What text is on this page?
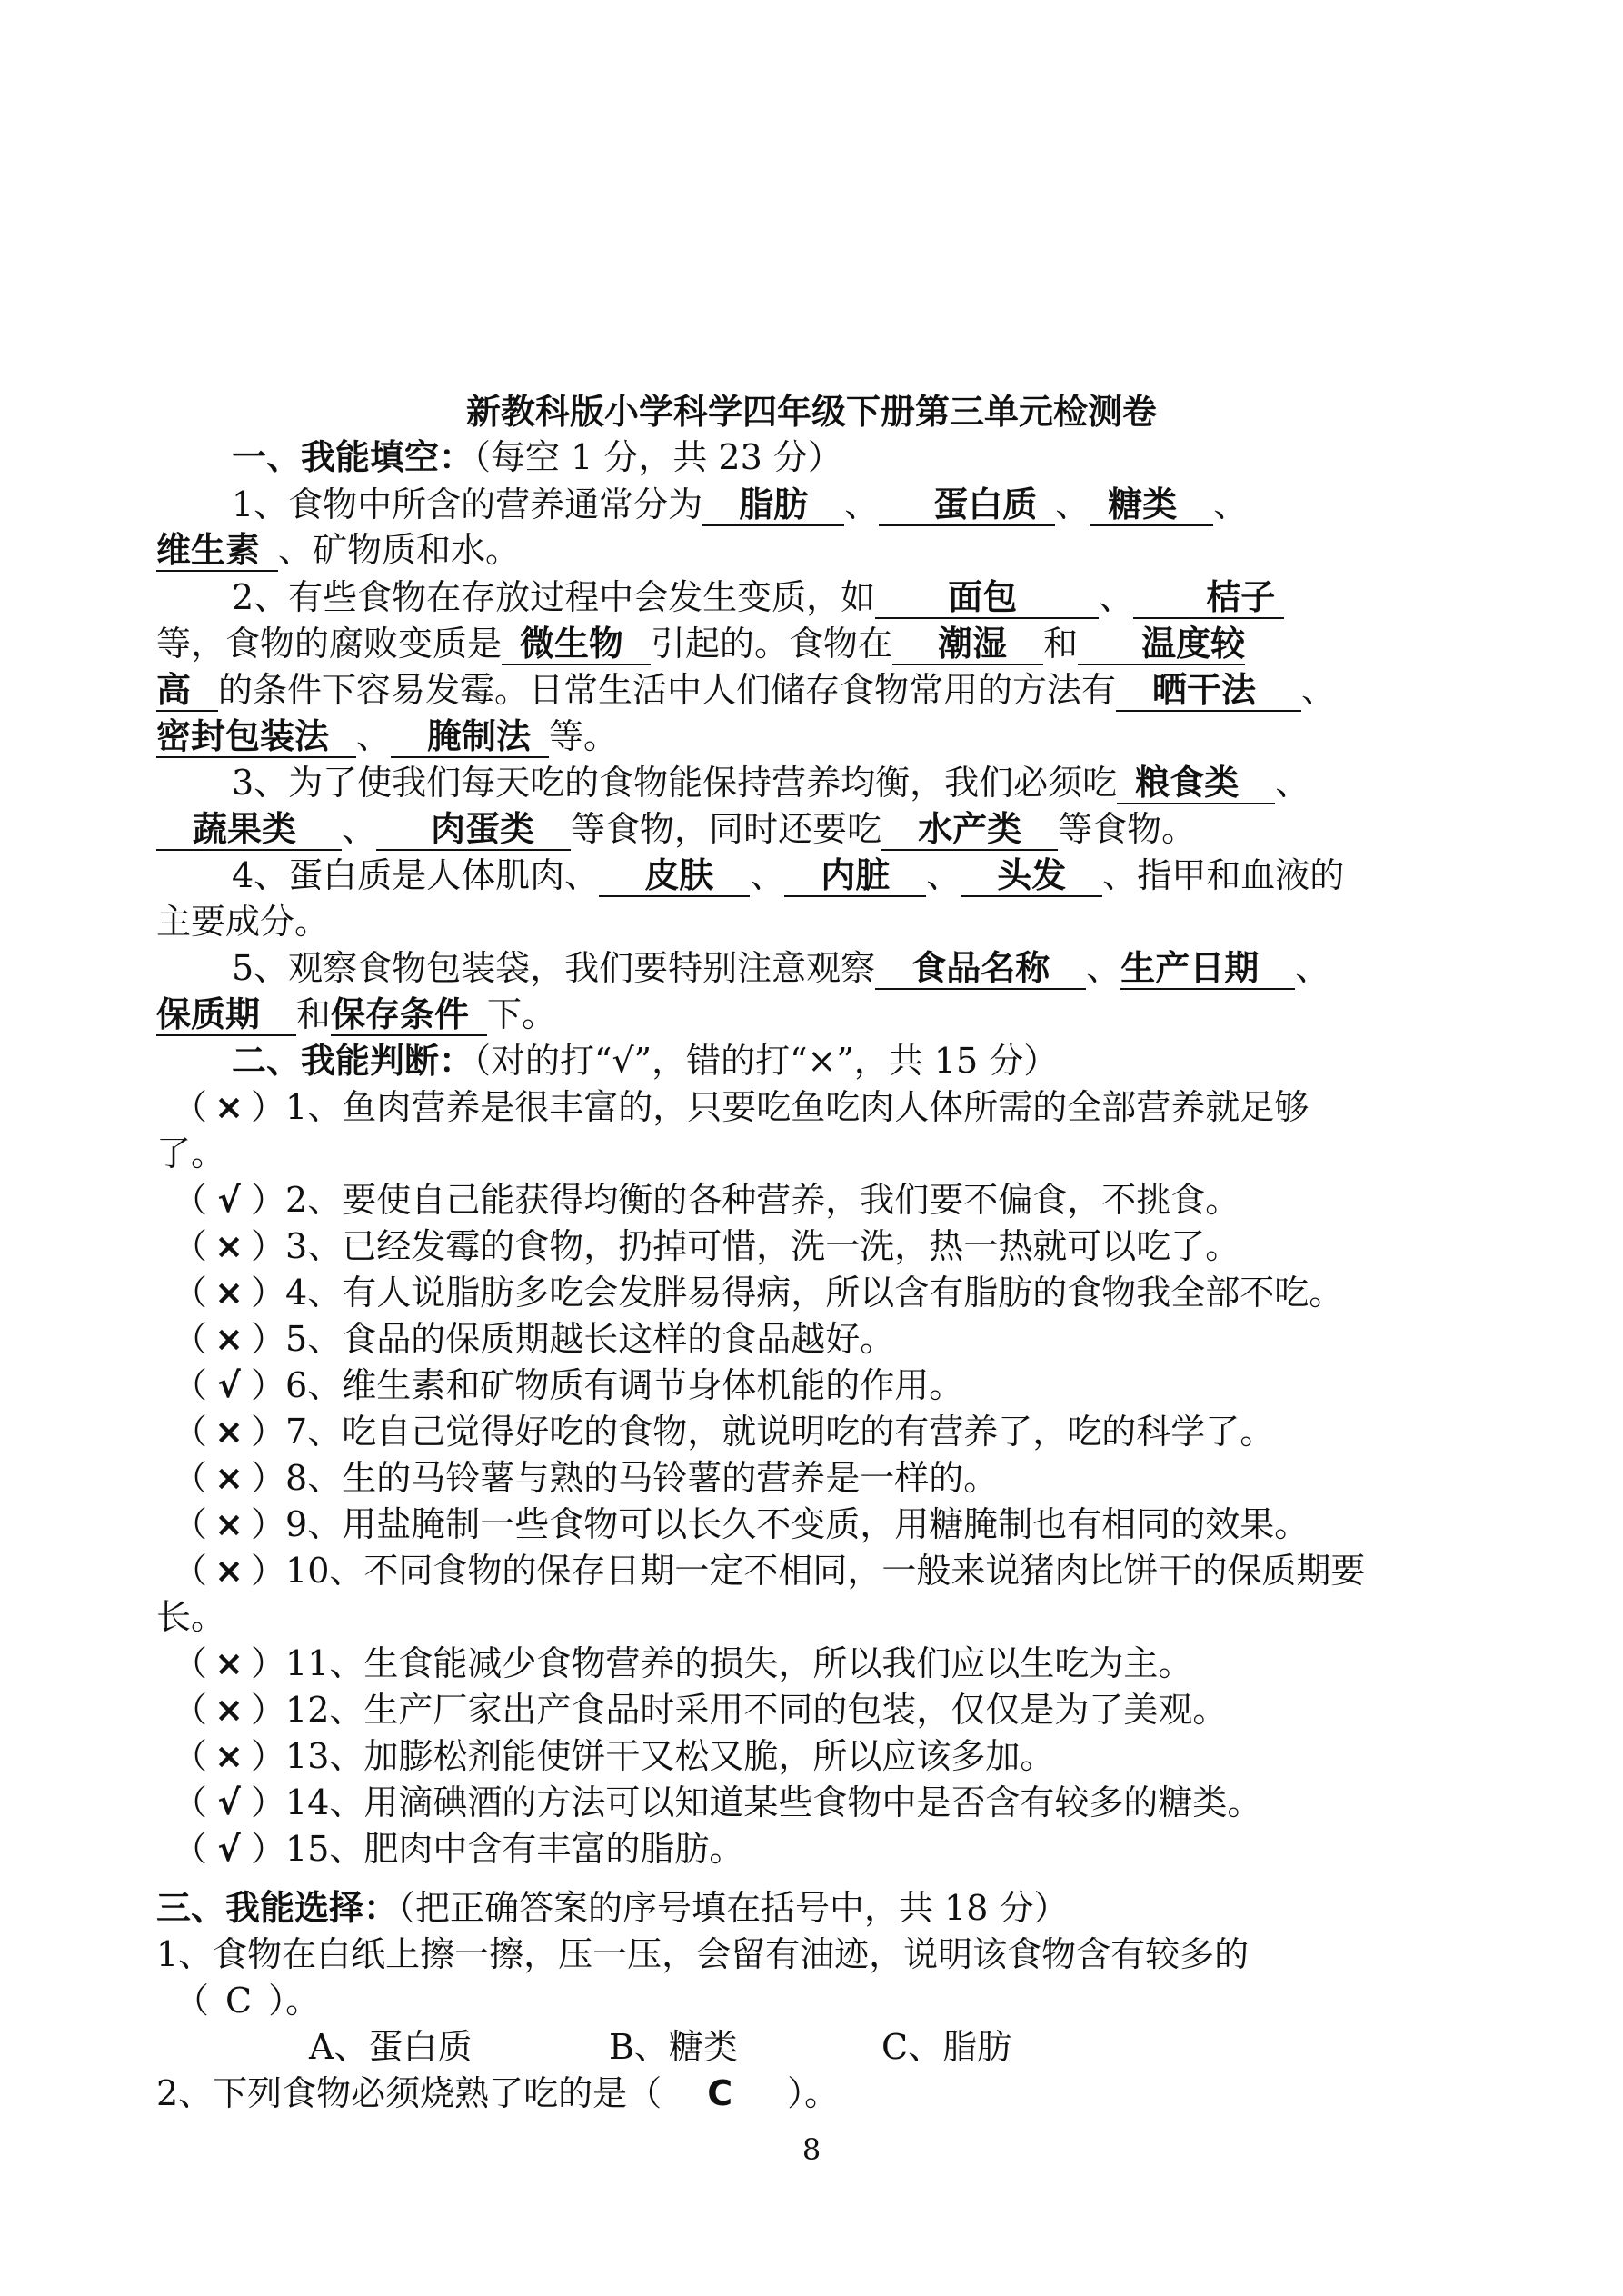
新教科版小学科学四年级下册第三单元检测卷
一、我能填空：（每空 1 分，共 23 分）
1、食物中所含的营养通常分为 脂肪 、 蛋白质 、 糖类 、
维生素 、矿物质和水。
2、有些食物在存放过程中会发生变质，如 面包 、 桔子
等，食物的腐败变质是 微生物 引起的。食物在 潮湿 和 温度较
高 的条件下容易发霉。日常生活中人们储存食物常用的方法有 晒干法 、
密封包装法 、 腌制法 等。
3、为了使我们每天吃的食物能保持营养均衡，我们必须吃 粮食类 、
蔬果类 、 肉蛋类 等食物，同时还要吃 水产类 等食物。
4、蛋白质是人体肌肉、 皮肤 、 内脏 、 头发 、指甲和血液的
主要成分。
5、观察食物包装袋，我们要特别注意观察 食品名称 、生产日期 、
保质期 和保存条件 下。
二、我能判断：（对的打“√”，错的打“×”，共 15 分）
（ × ）1、鱼肉营养是很丰富的，只要吃鱼吃肉人体所需的全部营养就足够
了。
（ √ ）2、要使自己能获得均衡的各种营养，我们要不偏食，不挑食。
（ × ）3、已经发霉的食物，扔掉可惜，洗一洗，热一热就可以吃了。
（ × ）4、有人说脂肪多吃会发胖易得病，所以含有脂肪的食物我全部不吃。
（ × ）5、食品的保质期越长这样的食品越好。
（ √ ）6、维生素和矿物质有调节身体机能的作用。
（ × ）7、吃自己觉得好吃的食物，就说明吃的有营养了，吃的科学了。
（ × ）8、生的马铃薯与熟的马铃薯的营养是一样的。
（ × ）9、用盐腌制一些食物可以长久不变质，用糖腌制也有相同的效果。
（ × ）10、不同食物的保存日期一定不相同，一般来说猪肉比饼干的保质期要
长。
（ × ）11、生食能减少食物营养的损失，所以我们应以生吃为主。
（ × ）12、生产厂家出产食品时采用不同的包装，仅仅是为了美观。
（ × ）13、加膨松剂能使饼干又松又脆，所以应该多加。
（ √ ）14、用滴碘酒的方法可以知道某些食物中是否含有较多的糖类。
（ √ ）15、肥肉中含有丰富的脂肪。
三、我能选择：（把正确答案的序号填在括号中，共 18 分）
1、食物在白纸上擦一擦，压一压，会留有油迹，说明该食物含有较多的
（ C ）。
A、蛋白质	B、糖类	C、脂肪
2、下列食物必须烧熟了吃的是（ C ）。
8
